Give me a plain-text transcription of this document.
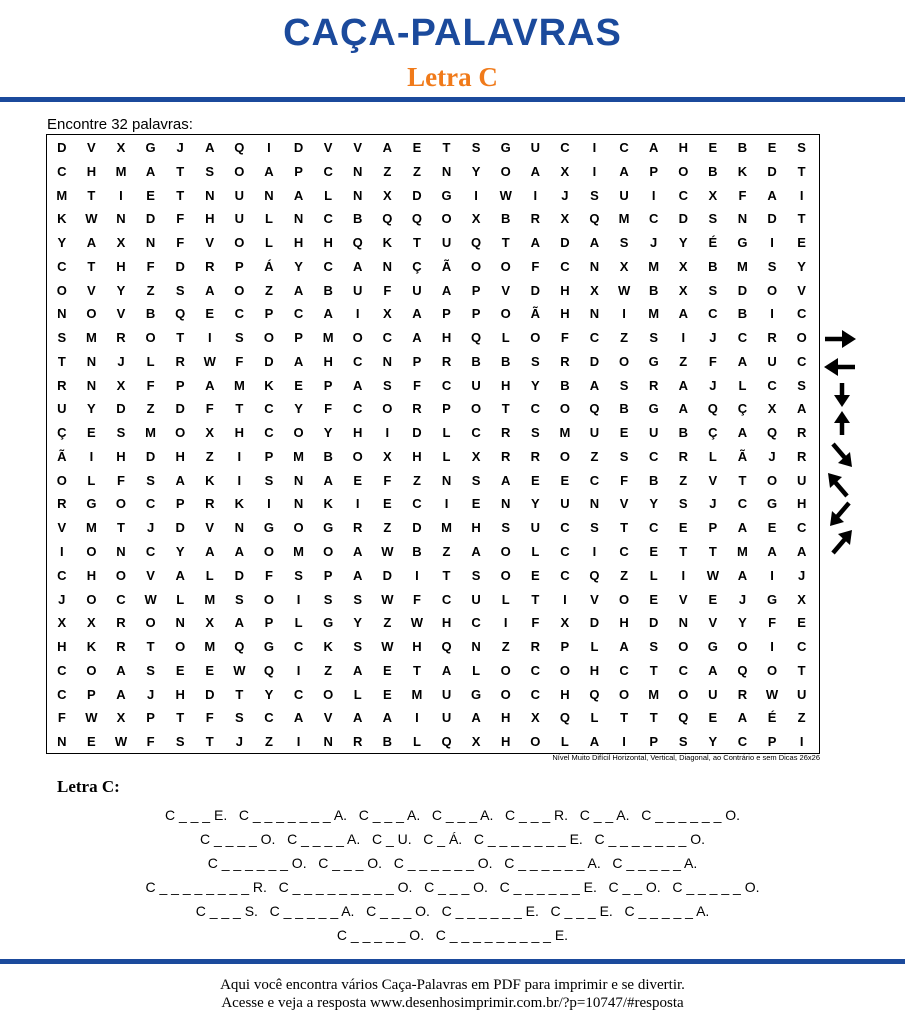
CAÇA-PALAVRAS
Letra C
Encontre 32 palavras:
D	V	X	G	J	A	Q	I	D	V	V	A	E	T	S	G	U	C	I	C	A	H	E	B	E	S
C	H	M	A	T	S	O	A	P	C	N	Z	Z	N	Y	O	A	X	I	A	P	O	B	K	D	T
M	T	I	E	T	N	U	N	A	L	N	X	D	G	I	W	I	J	S	U	I	C	X	F	A	I
K	W	N	D	F	H	U	L	N	C	B	Q	Q	O	X	B	R	X	Q	M	C	D	S	N	D	T
Y	A	X	N	F	V	O	L	H	H	Q	K	T	U	Q	T	A	D	A	S	J	Y	É	G	I	E
C	T	H	F	D	R	P	Á	Y	C	A	N	Ç	Ã	O	O	F	C	N	X	M	X	B	M	S	Y
O	V	Y	Z	S	A	O	Z	A	B	U	F	U	A	P	V	D	H	X	W	B	X	S	D	O	V
N	O	V	B	Q	E	C	P	C	A	I	X	A	P	P	O	Ã	H	N	I	M	A	C	B	I	C
S	M	R	O	T	I	S	O	P	M	O	C	A	H	Q	L	O	F	C	Z	S	I	J	C	R	O
T	N	J	L	R	W	F	D	A	H	C	N	P	R	B	B	S	R	D	O	G	Z	F	A	U	C
R	N	X	F	P	A	M	K	E	P	A	S	F	C	U	H	Y	B	A	S	R	A	J	L	C	S
U	Y	D	Z	D	F	T	C	Y	F	C	O	R	P	O	T	C	O	Q	B	G	A	Q	Ç	X	A
Ç	E	S	M	O	X	H	C	O	Y	H	I	D	L	C	R	S	M	U	E	U	B	Ç	A	Q	R
Ã	I	H	D	H	Z	I	P	M	B	O	X	H	L	X	R	R	O	Z	S	C	R	L	Ã	J	R
O	L	F	S	A	K	I	S	N	A	E	F	Z	N	S	A	E	E	C	F	B	Z	V	T	O	U
R	G	O	C	P	R	K	I	N	K	I	E	C	I	E	N	Y	U	N	V	Y	S	J	C	G	H
V	M	T	J	D	V	N	G	O	G	R	Z	D	M	H	S	U	C	S	T	C	E	P	A	E	C
I	O	N	C	Y	A	A	O	M	O	A	W	B	Z	A	O	L	C	I	C	E	T	T	M	A	A
C	H	O	V	A	L	D	F	S	P	A	D	I	T	S	O	E	C	Q	Z	L	I	W	A	I	J
J	O	C	W	L	M	S	O	I	S	S	W	F	C	U	L	T	I	V	O	E	V	E	J	G	X
X	X	R	O	N	X	A	P	L	G	Y	Z	W	H	C	I	F	X	D	H	D	N	V	Y	F	E
H	K	R	T	O	M	Q	G	C	K	S	W	H	Q	N	Z	R	P	L	A	S	O	G	O	I	C
C	O	A	S	E	E	W	Q	I	Z	A	E	T	A	L	O	C	O	H	C	T	C	A	Q	O	T
C	P	A	J	H	D	T	Y	C	O	L	E	M	U	G	O	C	H	Q	O	M	O	U	R	W	U
F	W	X	P	T	F	S	C	A	V	A	A	I	U	A	H	X	Q	L	T	T	Q	E	A	É	Z
N	E	W	F	S	T	J	Z	I	N	R	B	L	Q	X	H	O	L	A	I	P	S	Y	C	P	I
Nível Muito Difícil Horizontal, Vertical, Diagonal, ao Contrário e sem Dicas 26x26
Letra C:
C _ _ _ E.   C _ _ _ _ _ _ _ A.   C _ _ _ A.   C _ _ _ A.   C _ _ _ R.   C _ _ A.   C _ _ _ _ _ _ O.
C _ _ _ _ O.   C _ _ _ _ A.   C _ U.   C _ Á.   C _ _ _ _ _ _ _ E.   C _ _ _ _ _ _ _ O.
C _ _ _ _ _ _ O.   C _ _ _ O.   C _ _ _ _ _ _ O.   C _ _ _ _ _ _ A.   C _ _ _ _ _ A.
C _ _ _ _ _ _ _ _ R.   C _ _ _ _ _ _ _ _ _ O.   C _ _ _ O.   C _ _ _ _ _ _ E.   C _ _ O.   C _ _ _ _ _ O.
C _ _ _ S.   C _ _ _ _ _ A.   C _ _ _ O.   C _ _ _ _ _ _ E.   C _ _ _ E.   C _ _ _ _ _ A.
C _ _ _ _ _ O.   C _ _ _ _ _ _ _ _ _ E.
Aqui você encontra vários Caça-Palavras em PDF para imprimir e se divertir.
Acesse e veja a resposta www.desenhosimprimir.com.br/?p=10747/#resposta
